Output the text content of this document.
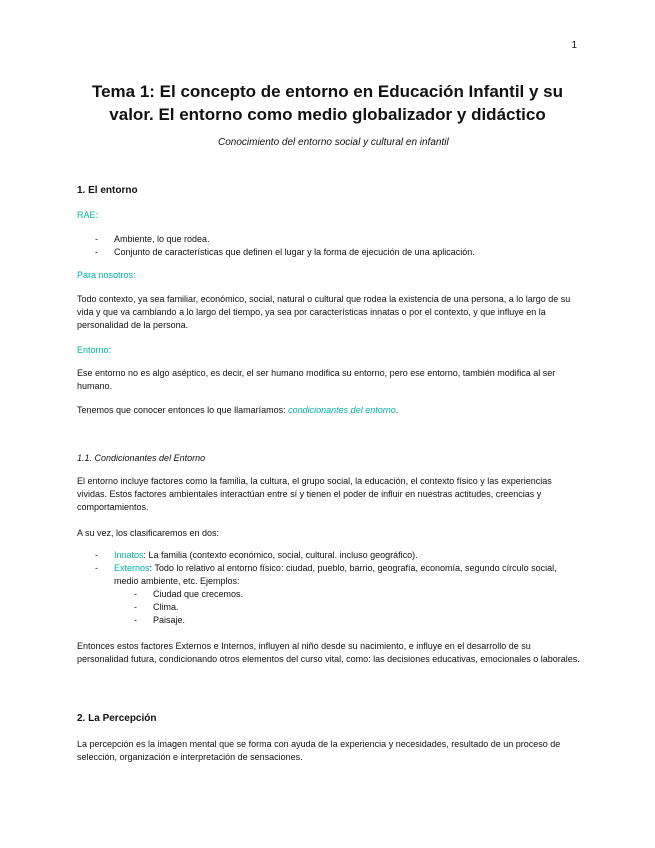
1
Tema 1: El concepto de entorno en Educación Infantil y su
valor. El entorno como medio globalizador y didáctico
Conocimiento del entorno social y cultural en infantil
1. El entorno
RAE:
- Ambiente, lo que rodea.
- Conjunto de características que definen el lugar y la forma de ejecución de una aplicación.
Para nosotros:
Todo contexto, ya sea familiar, económico, social, natural o cultural que rodea la existencia de una persona, a lo largo de su vida y que va cambiando a lo largo del tiempo, ya sea por características innatas o por el contexto, y que influye en la personalidad de la persona.
Entorno:
Ese entorno no es algo aséptico, es decir, el ser humano modifica su entorno, pero ese entorno, también modifica al ser humano.
Tenemos que conocer entonces lo que llamaríamos: condicionantes del entorno.
1.1. Condicionantes del Entorno
El entorno incluye factores como la familia, la cultura, el grupo social, la educación, el contexto físico y las experiencias vividas. Estos factores ambientales interactúan entre sí y tienen el poder de influir en nuestras actitudes, creencias y comportamientos.
A su vez, los clasificaremos en dos:
- Innatos: La familia (contexto económico, social, cultural. incluso geográfico).
- Externos: Todo lo relativo al entorno físico: ciudad, pueblo, barrio, geografía, economía, segundo círculo social, medio ambiente, etc. Ejemplos:
- Ciudad que crecemos.
- Clima.
- Paisaje.
Entonces estos factores Externos e Internos, influyen al niño desde su nacimiento, e influye en el desarrollo de su personalidad futura, condicionando otros elementos del curso vital, como: las decisiones educativas, emocionales o laborales.
2. La Percepción
La percepción es la imagen mental que se forma con ayuda de la experiencia y necesidades, resultado de un proceso de selección, organización e interpretación de sensaciones.
